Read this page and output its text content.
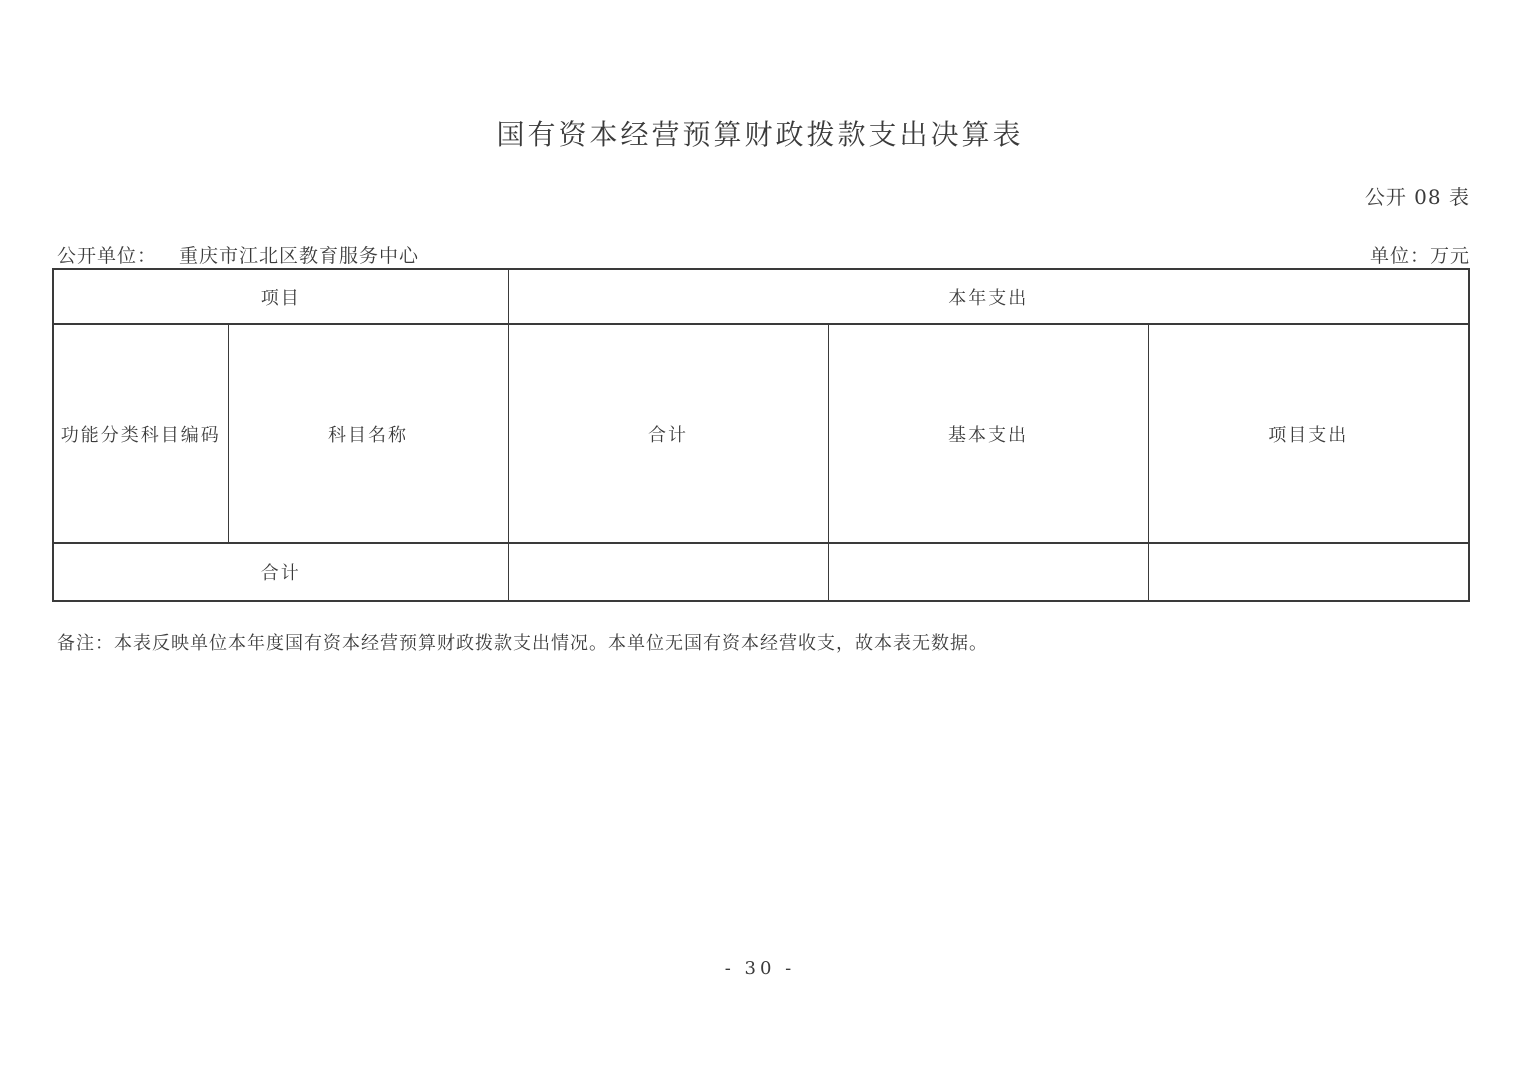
国有资本经营预算财政拨款支出决算表
公开 08 表
公开单位： 重庆市江北区教育服务中心	单位：万元
项目		本年支出		
功能分类科目编码	科目名称	合计	基本支出	项目支出
合计				
备注：本表反映单位本年度国有资本经营预算财政拨款支出情况。本单位无国有资本经营收支，故本表无数据。
- 30 -
